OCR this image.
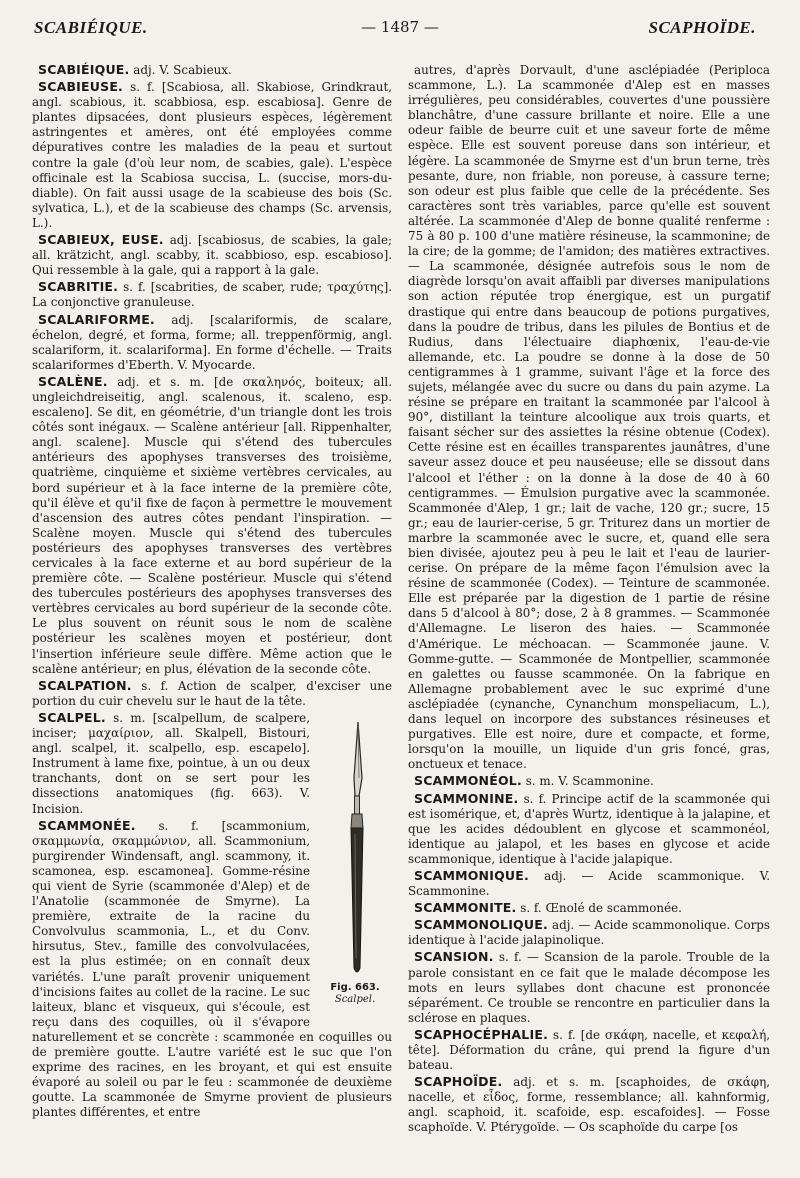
SCABIÉIQUE.	— 1487 —	SCAPHOÏDE.

SCABIÉIQUE. adj. V. Scabieux.

SCABIEUSE. s. f. [Scabiosa, all. Skabiose, Grindkraut, angl. scabious, it. scabbiosa, esp. escabiosa]. Genre de plantes dipsacées, dont plusieurs espèces, légèrement astringentes et amères, ont été employées comme dépuratives contre les maladies de la peau et surtout contre la gale (d'où leur nom, de scabies, gale). L'espèce officinale est la Scabiosa succisa, L. (succise, mors-du-diable). On fait aussi usage de la scabieuse des bois (Sc. sylvatica, L.), et de la scabieuse des champs (Sc. arvensis, L.).

SCABIEUX, EUSE. adj. [scabiosus, de scabies, la gale; all. krätzicht, angl. scabby, it. scabbioso, esp. escabioso]. Qui ressemble à la gale, qui a rapport à la gale.

SCABRITIE. s. f. [scabrities, de scaber, rude; τραχύτης]. La conjonctive granuleuse.

SCALARIFORME. adj. [scalariformis, de scalare, échelon, degré, et forma, forme; all. treppenförmig, angl. scalariform, it. scalariforma]. En forme d'échelle. — Traits scalariformes d'Eberth. V. Myocarde.

SCALÈNE. adj. et s. m. [de σκαληνός, boiteux; all. ungleichdreiseitig, angl. scalenous, it. scaleno, esp. escaleno]. Se dit, en géométrie, d'un triangle dont les trois côtés sont inégaux. — Scalène antérieur [all. Rippenhalter, angl. scalene]. Muscle qui s'étend des tubercules antérieurs des apophyses transverses des troisième, quatrième, cinquième et sixième vertèbres cervicales, au bord supérieur et à la face interne de la première côte, qu'il élève et qu'il fixe de façon à permettre le mouvement d'ascension des autres côtes pendant l'inspiration. — Scalène moyen. Muscle qui s'étend des tubercules postérieurs des apophyses transverses des vertèbres cervicales à la face externe et au bord supérieur de la première côte. — Scalène postérieur. Muscle qui s'étend des tubercules postérieurs des apophyses transverses des vertèbres cervicales au bord supérieur de la seconde côte. Le plus souvent on réunit sous le nom de scalène postérieur les scalènes moyen et postérieur, dont l'insertion inférieure seule diffère. Même action que le scalène antérieur; en plus, élévation de la seconde côte.

SCALPATION. s. f. Action de scalper, d'exciser une portion du cuir chevelu sur le haut de la tête.

Fig. 663.
Scalpel.

SCALPEL. s. m. [scalpellum, de scalpere, inciser; μαχαίριον, all. Skalpell, Bistouri, angl. scalpel, it. scalpello, esp. escapelo]. Instrument à lame fixe, pointue, à un ou deux tranchants, dont on se sert pour les dissections anatomiques (fig. 663). V. Incision.

SCAMMONÉE. s. f. [scammonium, σκαμμωνία, σκαμμώνιον, all. Scammonium, purgirender Windensaft, angl. scammony, it. scamonea, esp. escamonea]. Gomme-résine qui vient de Syrie (scammonée d'Alep) et de l'Anatolie (scammonée de Smyrne). La première, extraite de la racine du Convolvulus scammonia, L., et du Conv. hirsutus, Stev., famille des convolvulacées, est la plus estimée; on en connaît deux variétés. L'une paraît provenir uniquement d'incisions faites au collet de la racine. Le suc laiteux, blanc et visqueux, qui s'écoule, est reçu dans des coquilles, où il s'évapore naturellement et se concrète : scammonée en coquilles ou de première goutte. L'autre variété est le suc que l'on exprime des racines, en les broyant, et qui est ensuite évaporé au soleil ou par le feu : scammonée de deuxième goutte. La scammonée de Smyrne provient de plusieurs plantes différentes, et entre

autres, d'après Dorvault, d'une asclépiadée (Periploca scammone, L.). La scammonée d'Alep est en masses irrégulières, peu considérables, couvertes d'une poussière blanchâtre, d'une cassure brillante et noire. Elle a une odeur faible de beurre cuit et une saveur forte de même espèce. Elle est souvent poreuse dans son intérieur, et légère. La scammonée de Smyrne est d'un brun terne, très pesante, dure, non friable, non poreuse, à cassure terne; son odeur est plus faible que celle de la précédente. Ses caractères sont très variables, parce qu'elle est souvent altérée. La scammonée d'Alep de bonne qualité renferme : 75 à 80 p. 100 d'une matière résineuse, la scammonine; de la cire; de la gomme; de l'amidon; des matières extractives. — La scammonée, désignée autrefois sous le nom de diagrède lorsqu'on avait affaibli par diverses manipulations son action réputée trop énergique, est un purgatif drastique qui entre dans beaucoup de potions purgatives, dans la poudre de tribus, dans les pilules de Bontius et de Rudius, dans l'électuaire diaphœnix, l'eau-de-vie allemande, etc. La poudre se donne à la dose de 50 centigrammes à 1 gramme, suivant l'âge et la force des sujets, mélangée avec du sucre ou dans du pain azyme. La résine se prépare en traitant la scammonée par l'alcool à 90°, distillant la teinture alcoolique aux trois quarts, et faisant sécher sur des assiettes la résine obtenue (Codex). Cette résine est en écailles transparentes jaunâtres, d'une saveur assez douce et peu nauséeuse; elle se dissout dans l'alcool et l'éther : on la donne à la dose de 40 à 60 centigrammes. — Émulsion purgative avec la scammonée. Scammonée d'Alep, 1 gr.; lait de vache, 120 gr.; sucre, 15 gr.; eau de laurier-cerise, 5 gr. Triturez dans un mortier de marbre la scammonée avec le sucre, et, quand elle sera bien divisée, ajoutez peu à peu le lait et l'eau de laurier-cerise. On prépare de la même façon l'émulsion avec la résine de scammonée (Codex). — Teinture de scammonée. Elle est préparée par la digestion de 1 partie de résine dans 5 d'alcool à 80°; dose, 2 à 8 grammes. — Scammonée d'Allemagne. Le liseron des haies. — Scammonée d'Amérique. Le méchoacan. — Scammonée jaune. V. Gomme-gutte. — Scammonée de Montpellier, scammonée en galettes ou fausse scammonée. On la fabrique en Allemagne probablement avec le suc exprimé d'une asclépiadée (cynanche, Cynanchum monspeliacum, L.), dans lequel on incorpore des substances résineuses et purgatives. Elle est noire, dure et compacte, et forme, lorsqu'on la mouille, un liquide d'un gris foncé, gras, onctueux et tenace.

SCAMMONÉOL. s. m. V. Scammonine.

SCAMMONINE. s. f. Principe actif de la scammonée qui est isomérique, et, d'après Wurtz, identique à la jalapine, et que les acides dédoublent en glycose et scammonéol, identique au jalapol, et les bases en glycose et acide scammonique, identique à l'acide jalapique.

SCAMMONIQUE. adj. — Acide scammonique. V. Scammonine.

SCAMMONITE. s. f. Œnolé de scammonée.

SCAMMONOLIQUE. adj. — Acide scammonolique. Corps identique à l'acide jalapinolique.

SCANSION. s. f. — Scansion de la parole. Trouble de la parole consistant en ce fait que le malade décompose les mots en leurs syllabes dont chacune est prononcée séparément. Ce trouble se rencontre en particulier dans la sclérose en plaques.

SCAPHOCÉPHALIE. s. f. [de σκάφη, nacelle, et κεφαλή, tête]. Déformation du crâne, qui prend la figure d'un bateau.

SCAPHOÏDE. adj. et s. m. [scaphoides, de σκάφη, nacelle, et εἶδος, forme, ressemblance; all. kahnformig, angl. scaphoid, it. scafoide, esp. escafoides]. — Fosse scaphoïde. V. Ptérygoïde. — Os scaphoïde du carpe [os
